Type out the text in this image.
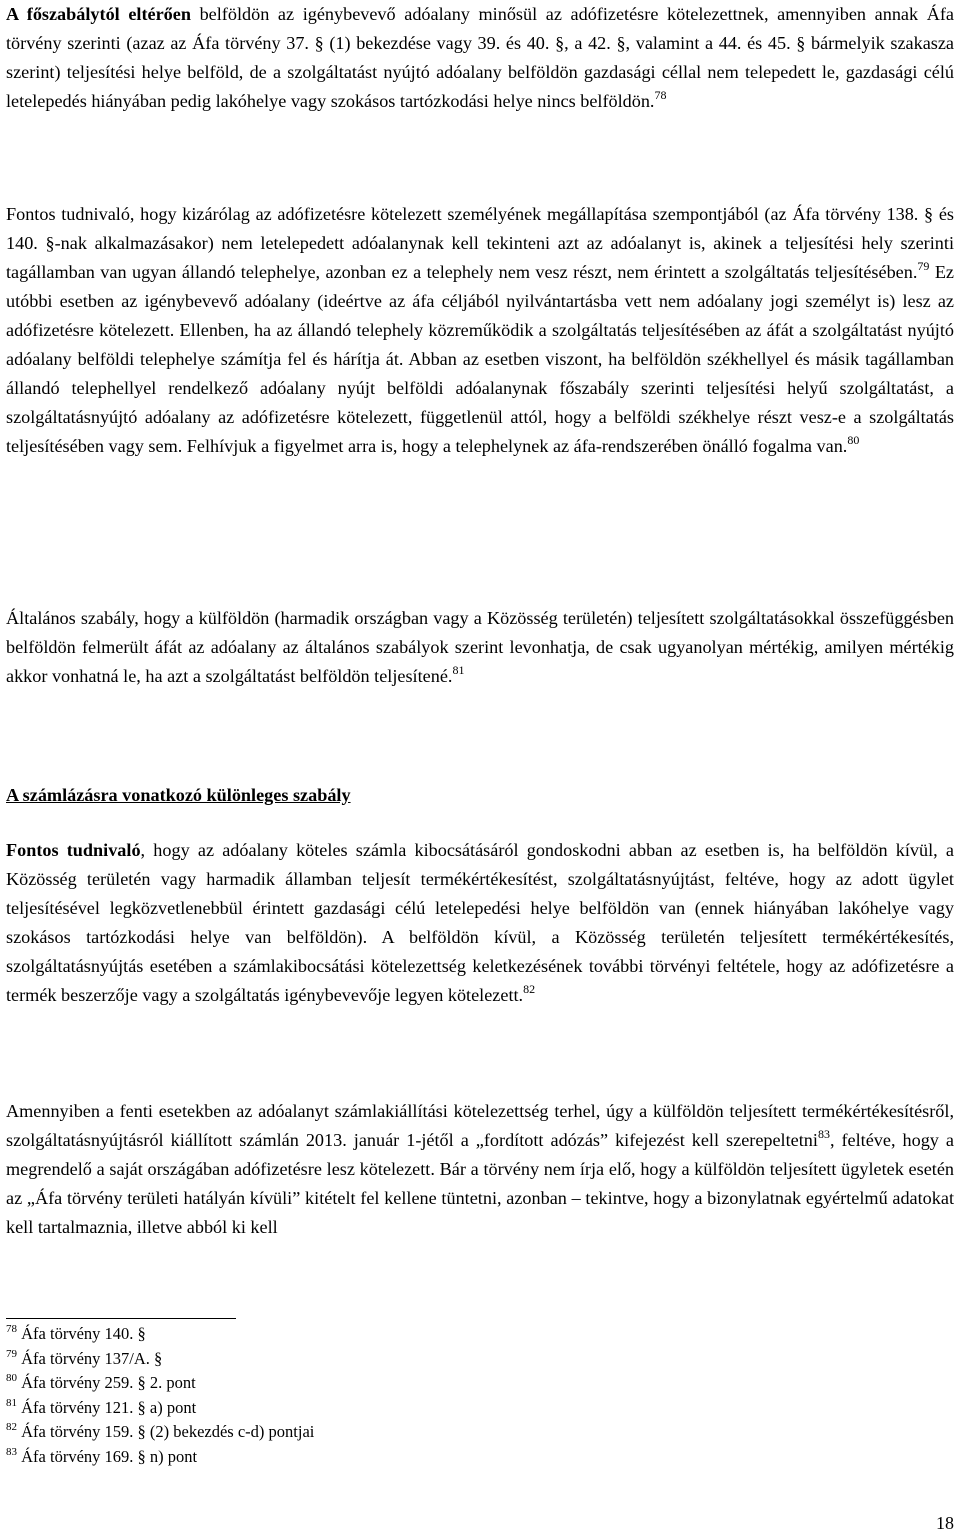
A főszabálytól eltérően belföldön az igénybevevő adóalany minősül az adófizetésre kötelezettnek, amennyiben annak Áfa törvény szerinti (azaz az Áfa törvény 37. § (1) bekezdése vagy 39. és 40. §, a 42. §, valamint a 44. és 45. § bármelyik szakasza szerint) teljesítési helye belföld, de a szolgáltatást nyújtó adóalany belföldön gazdasági céllal nem telepedett le, gazdasági célú letelepedés hiányában pedig lakóhelye vagy szokásos tartózkodási helye nincs belföldön.$^{78}$

Fontos tudnivaló, hogy kizárólag az adófizetésre kötelezett személyének megállapítása szempontjából (az Áfa törvény 138. § és 140. §-nak alkalmazásakor) nem letelepedett adóalanynak kell tekinteni azt az adóalanyt is, akinek a teljesítési hely szerinti tagállamban van ugyan állandó telephelye, azonban ez a telephely nem vesz részt, nem érintett a szolgáltatás teljesítésében.$^{79}$ Ez utóbbi esetben az igénybevevő adóalany (ideértve az áfa céljából nyilvántartásba vett nem adóalany jogi személyt is) lesz az adófizetésre kötelezett. Ellenben, ha az állandó telephely közreműködik a szolgáltatás teljesítésében az áfát a szolgáltatást nyújtó adóalany belföldi telephelye számítja fel és hárítja át. Abban az esetben viszont, ha belföldön székhellyel és másik tagállamban állandó telephellyel rendelkező adóalany nyújt belföldi adóalanynak főszabály szerinti teljesítési helyű szolgáltatást, a szolgáltatásnyújtó adóalany az adófizetésre kötelezett, függetlenül attól, hogy a belföldi székhelye részt vesz-e a szolgáltatás teljesítésében vagy sem. Felhívjuk a figyelmet arra is, hogy a telephelynek az áfa-rendszerében önálló fogalma van.$^{80}$

Általános szabály, hogy a külföldön (harmadik országban vagy a Közösség területén) teljesített szolgáltatásokkal összefüggésben belföldön felmerült áfát az adóalany az általános szabályok szerint levonhatja, de csak ugyanolyan mértékig, amilyen mértékig akkor vonhatná le, ha azt a szolgáltatást belföldön teljesítené.$^{81}$

A számlázásra vonatkozó különleges szabály

Fontos tudnivaló, hogy az adóalany köteles számla kibocsátásáról gondoskodni abban az esetben is, ha belföldön kívül, a Közösség területén vagy harmadik államban teljesít termékértékesítést, szolgáltatásnyújtást, feltéve, hogy az adott ügylet teljesítésével legközvetlenebbül érintett gazdasági célú letelepedési helye belföldön van (ennek hiányában lakóhelye vagy szokásos tartózkodási helye van belföldön). A belföldön kívül, a Közösség területén teljesített termékértékesítés, szolgáltatásnyújtás esetében a számlakibocsátási kötelezettség keletkezésének további törvényi feltétele, hogy az adófizetésre a termék beszerzője vagy a szolgáltatás igénybevevője legyen kötelezett.$^{82}$

Amennyiben a fenti esetekben az adóalanyt számlakiállítási kötelezettség terhel, úgy a külföldön teljesített termékértékesítésről, szolgáltatásnyújtásról kiállított számlán 2013. január 1-jétől a „fordított adózás” kifejezést kell szerepeltetni$^{83}$, feltéve, hogy a megrendelő a saját országában adófizetésre lesz kötelezett. Bár a törvény nem írja elő, hogy a külföldön teljesített ügyletek esetén az „Áfa törvény területi hatályán kívüli” kitételt fel kellene tüntetni, azonban – tekintve, hogy a bizonylatnak egyértelmű adatokat kell tartalmaznia, illetve abból ki kell

$^{78}$ Áfa törvény 140. §

$^{79}$ Áfa törvény 137/A. §

$^{80}$ Áfa törvény 259. § 2. pont

$^{81}$ Áfa törvény 121. § a) pont

$^{82}$ Áfa törvény 159. § (2) bekezdés c-d) pontjai

$^{83}$ Áfa törvény 169. § n) pont

18
